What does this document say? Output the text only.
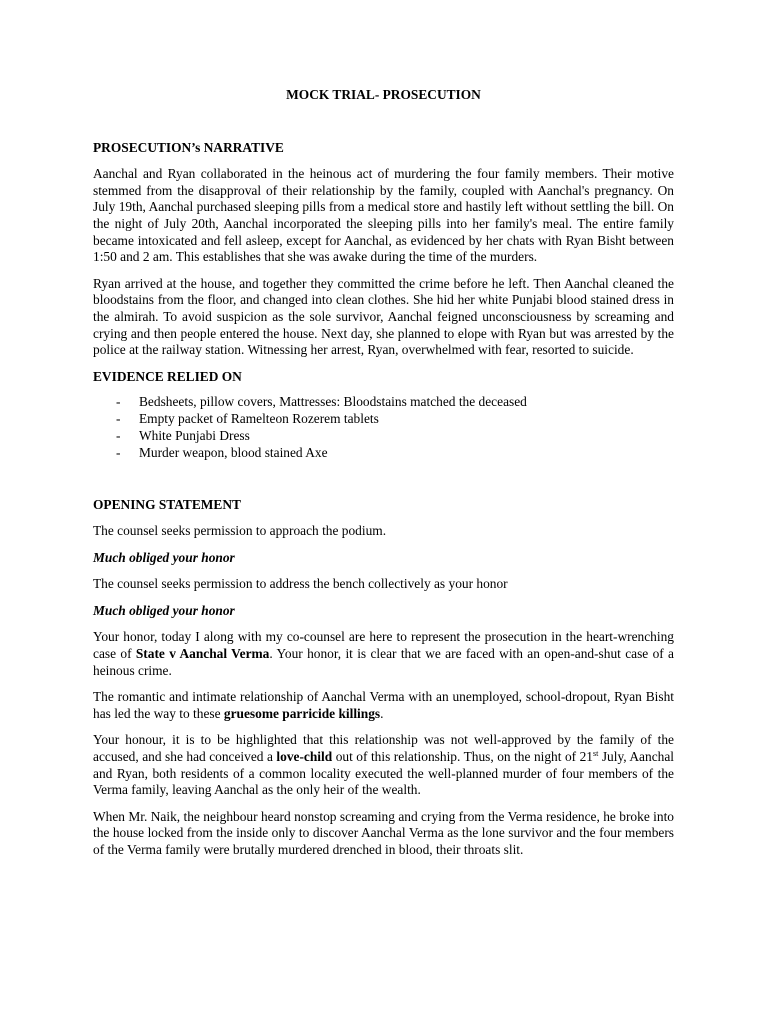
MOCK TRIAL- PROSECUTION
PROSECUTION’s NARRATIVE

Aanchal and Ryan collaborated in the heinous act of murdering the four family members. Their motive stemmed from the disapproval of their relationship by the family, coupled with Aanchal's pregnancy. On July 19th, Aanchal purchased sleeping pills from a medical store and hastily left without settling the bill. On the night of July 20th, Aanchal incorporated the sleeping pills into her family's meal. The entire family became intoxicated and fell asleep, except for Aanchal, as evidenced by her chats with Ryan Bisht between 1:50 and 2 am. This establishes that she was awake during the time of the murders.

Ryan arrived at the house, and together they committed the crime before he left. Then Aanchal cleaned the bloodstains from the floor, and changed into clean clothes. She hid her white Punjabi blood stained dress in the almirah. To avoid suspicion as the sole survivor, Aanchal feigned unconsciousness by screaming and crying and then people entered the house. Next day, she planned to elope with Ryan but was arrested by the police at the railway station. Witnessing her arrest, Ryan, overwhelmed with fear, resorted to suicide.

EVIDENCE RELIED ON
- Bedsheets, pillow covers, Mattresses: Bloodstains matched the deceased
- Empty packet of Ramelteon Rozerem tablets
- White Punjabi Dress
- Murder weapon, blood stained Axe
OPENING STATEMENT

The counsel seeks permission to approach the podium.

Much obliged your honor

The counsel seeks permission to address the bench collectively as your honor

Much obliged your honor

Your honor, today I along with my co-counsel are here to represent the prosecution in the heart-wrenching case of State v Aanchal Verma. Your honor, it is clear that we are faced with an open-and-shut case of a heinous crime.

The romantic and intimate relationship of Aanchal Verma with an unemployed, school-dropout, Ryan Bisht has led the way to these gruesome parricide killings.

Your honour, it is to be highlighted that this relationship was not well-approved by the family of the accused, and she had conceived a love-child out of this relationship. Thus, on the night of 21st July, Aanchal and Ryan, both residents of a common locality executed the well-planned murder of four members of the Verma family, leaving Aanchal as the only heir of the wealth.

When Mr. Naik, the neighbour heard nonstop screaming and crying from the Verma residence, he broke into the house locked from the inside only to discover Aanchal Verma as the lone survivor and the four members of the Verma family were brutally murdered drenched in blood, their throats slit.
